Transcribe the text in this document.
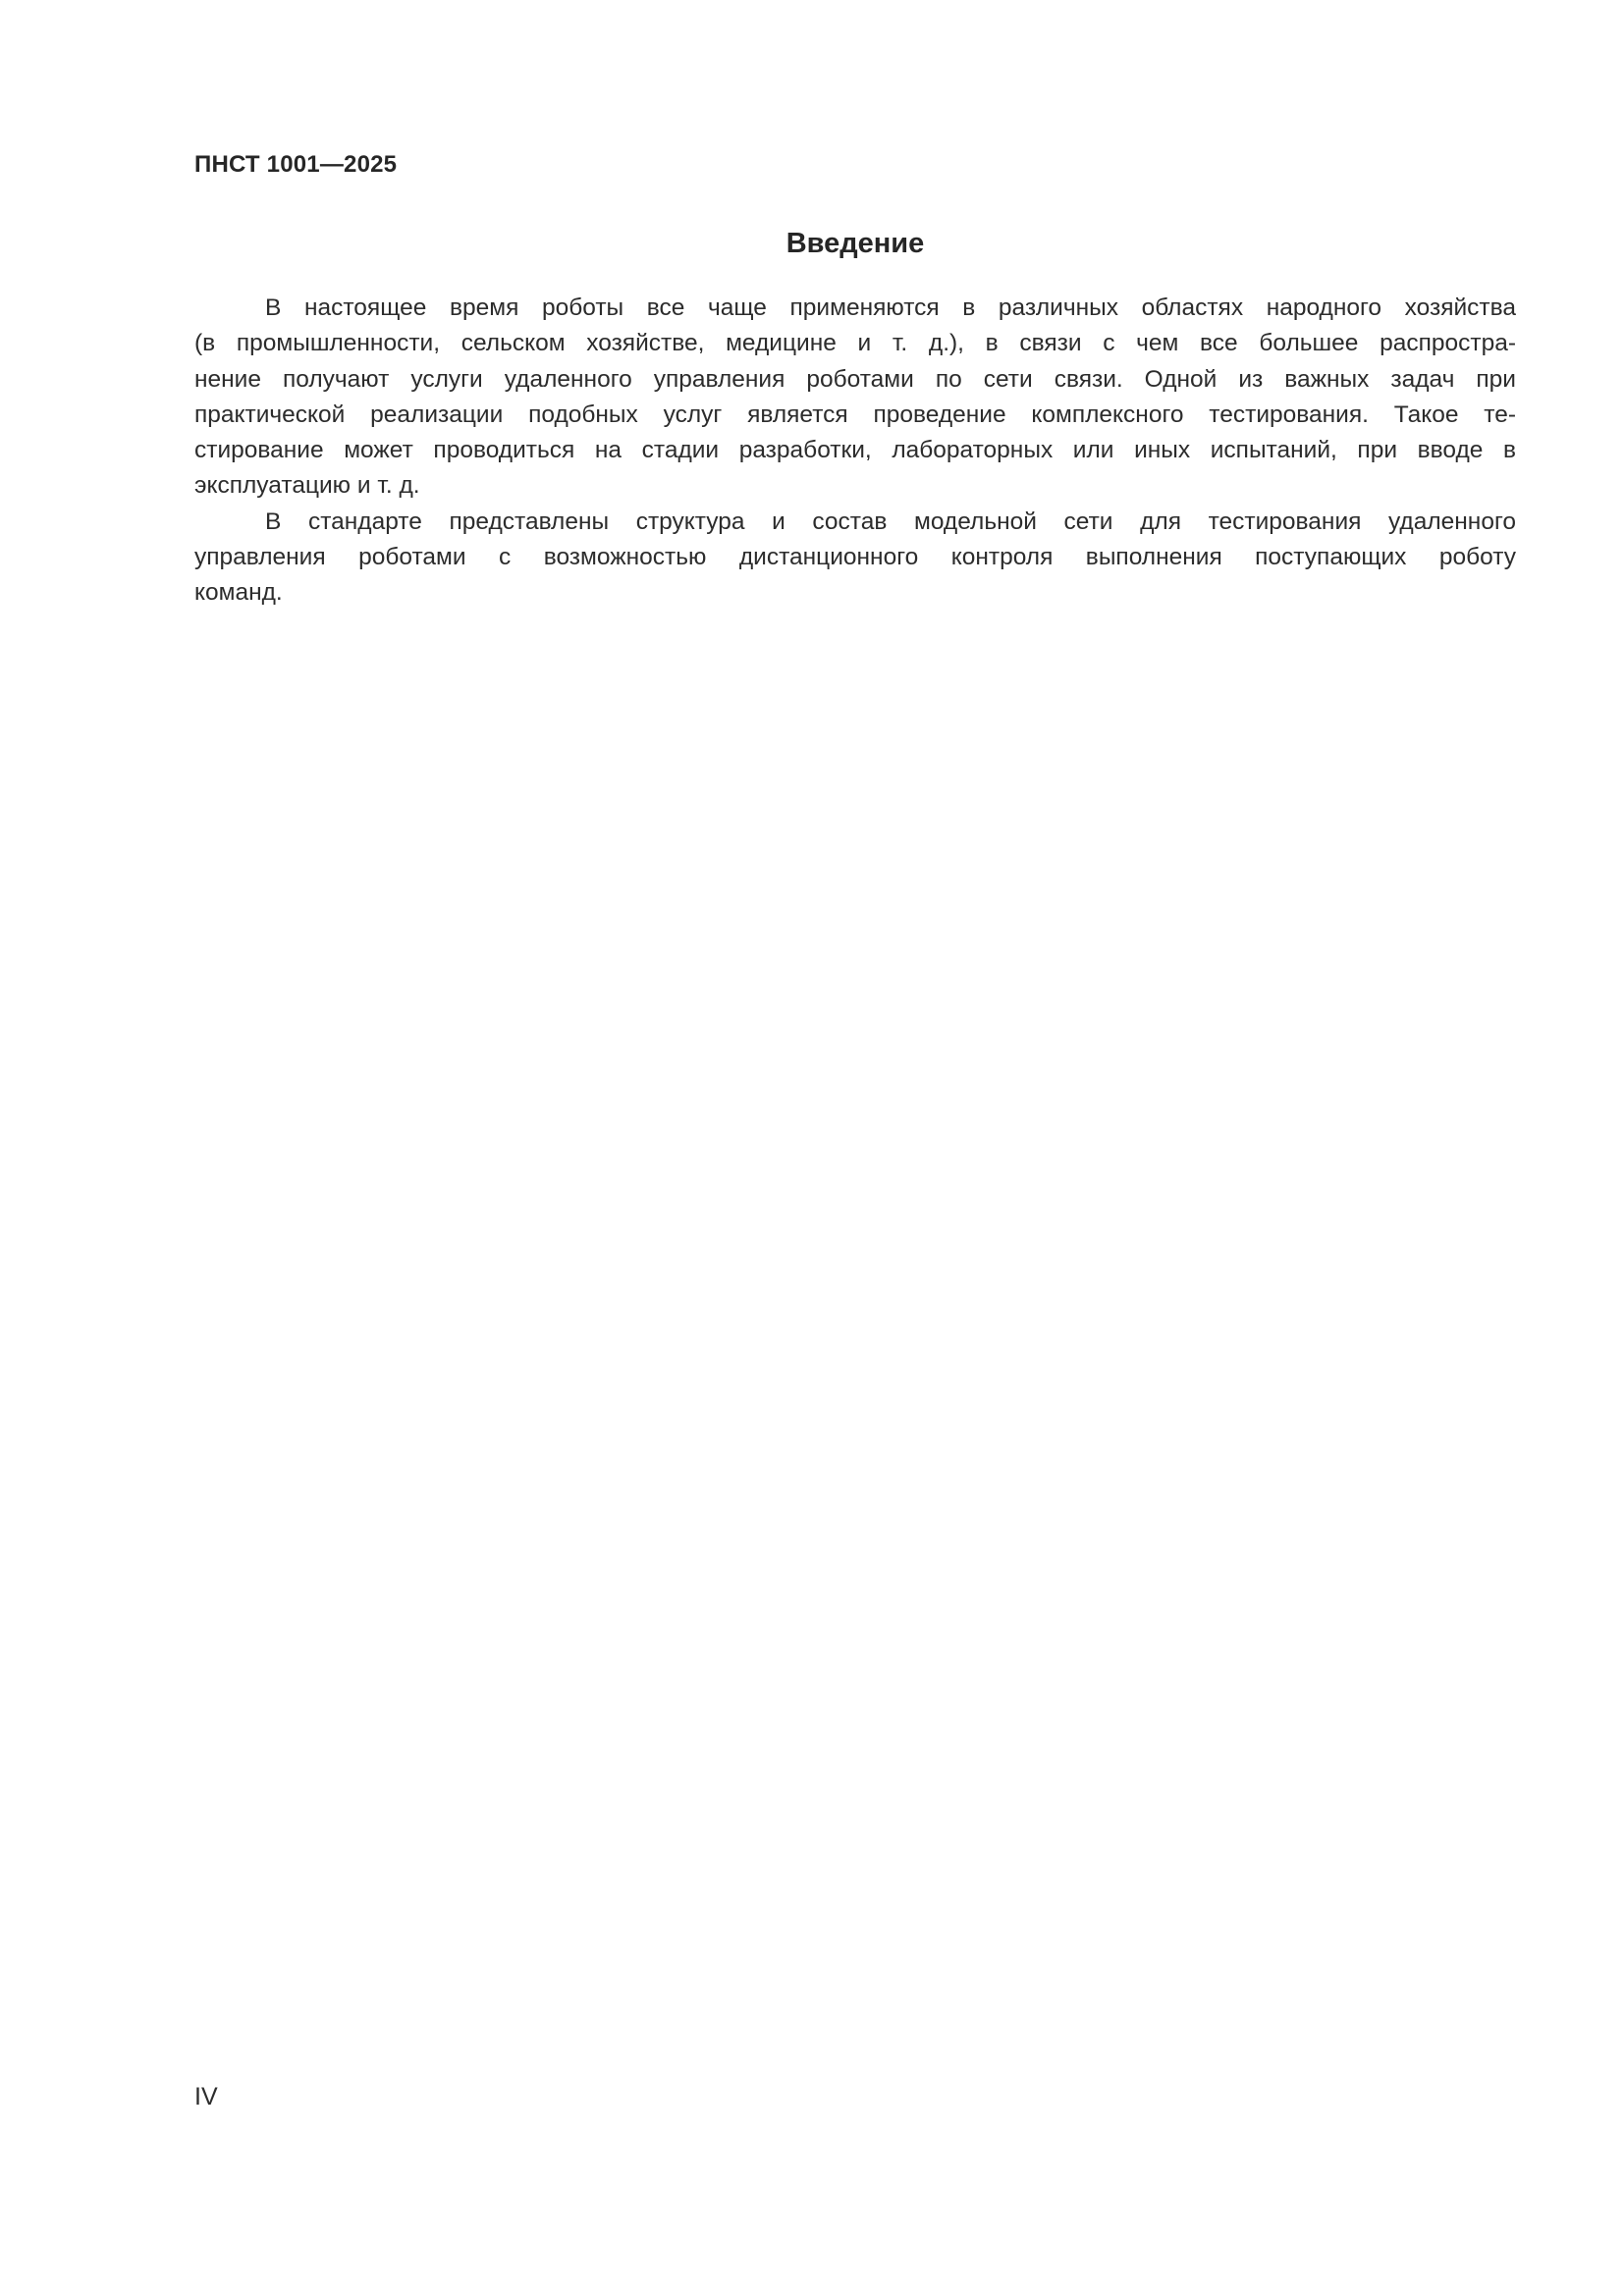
ПНСТ 1001—2025
Введение
В настоящее время роботы все чаще применяются в различных областях народного хозяйства
(в промышленности, сельском хозяйстве, медицине и т. д.), в связи с чем все большее распростра-
нение получают услуги удаленного управления роботами по сети связи. Одной из важных задач при
практической реализации подобных услуг является проведение комплексного тестирования. Такое те-
стирование может проводиться на стадии разработки, лабораторных или иных испытаний, при вводе в
эксплуатацию и т. д.
В стандарте представлены структура и состав модельной сети для тестирования удаленного
управления роботами с возможностью дистанционного контроля выполнения поступающих роботу
команд.
IV
